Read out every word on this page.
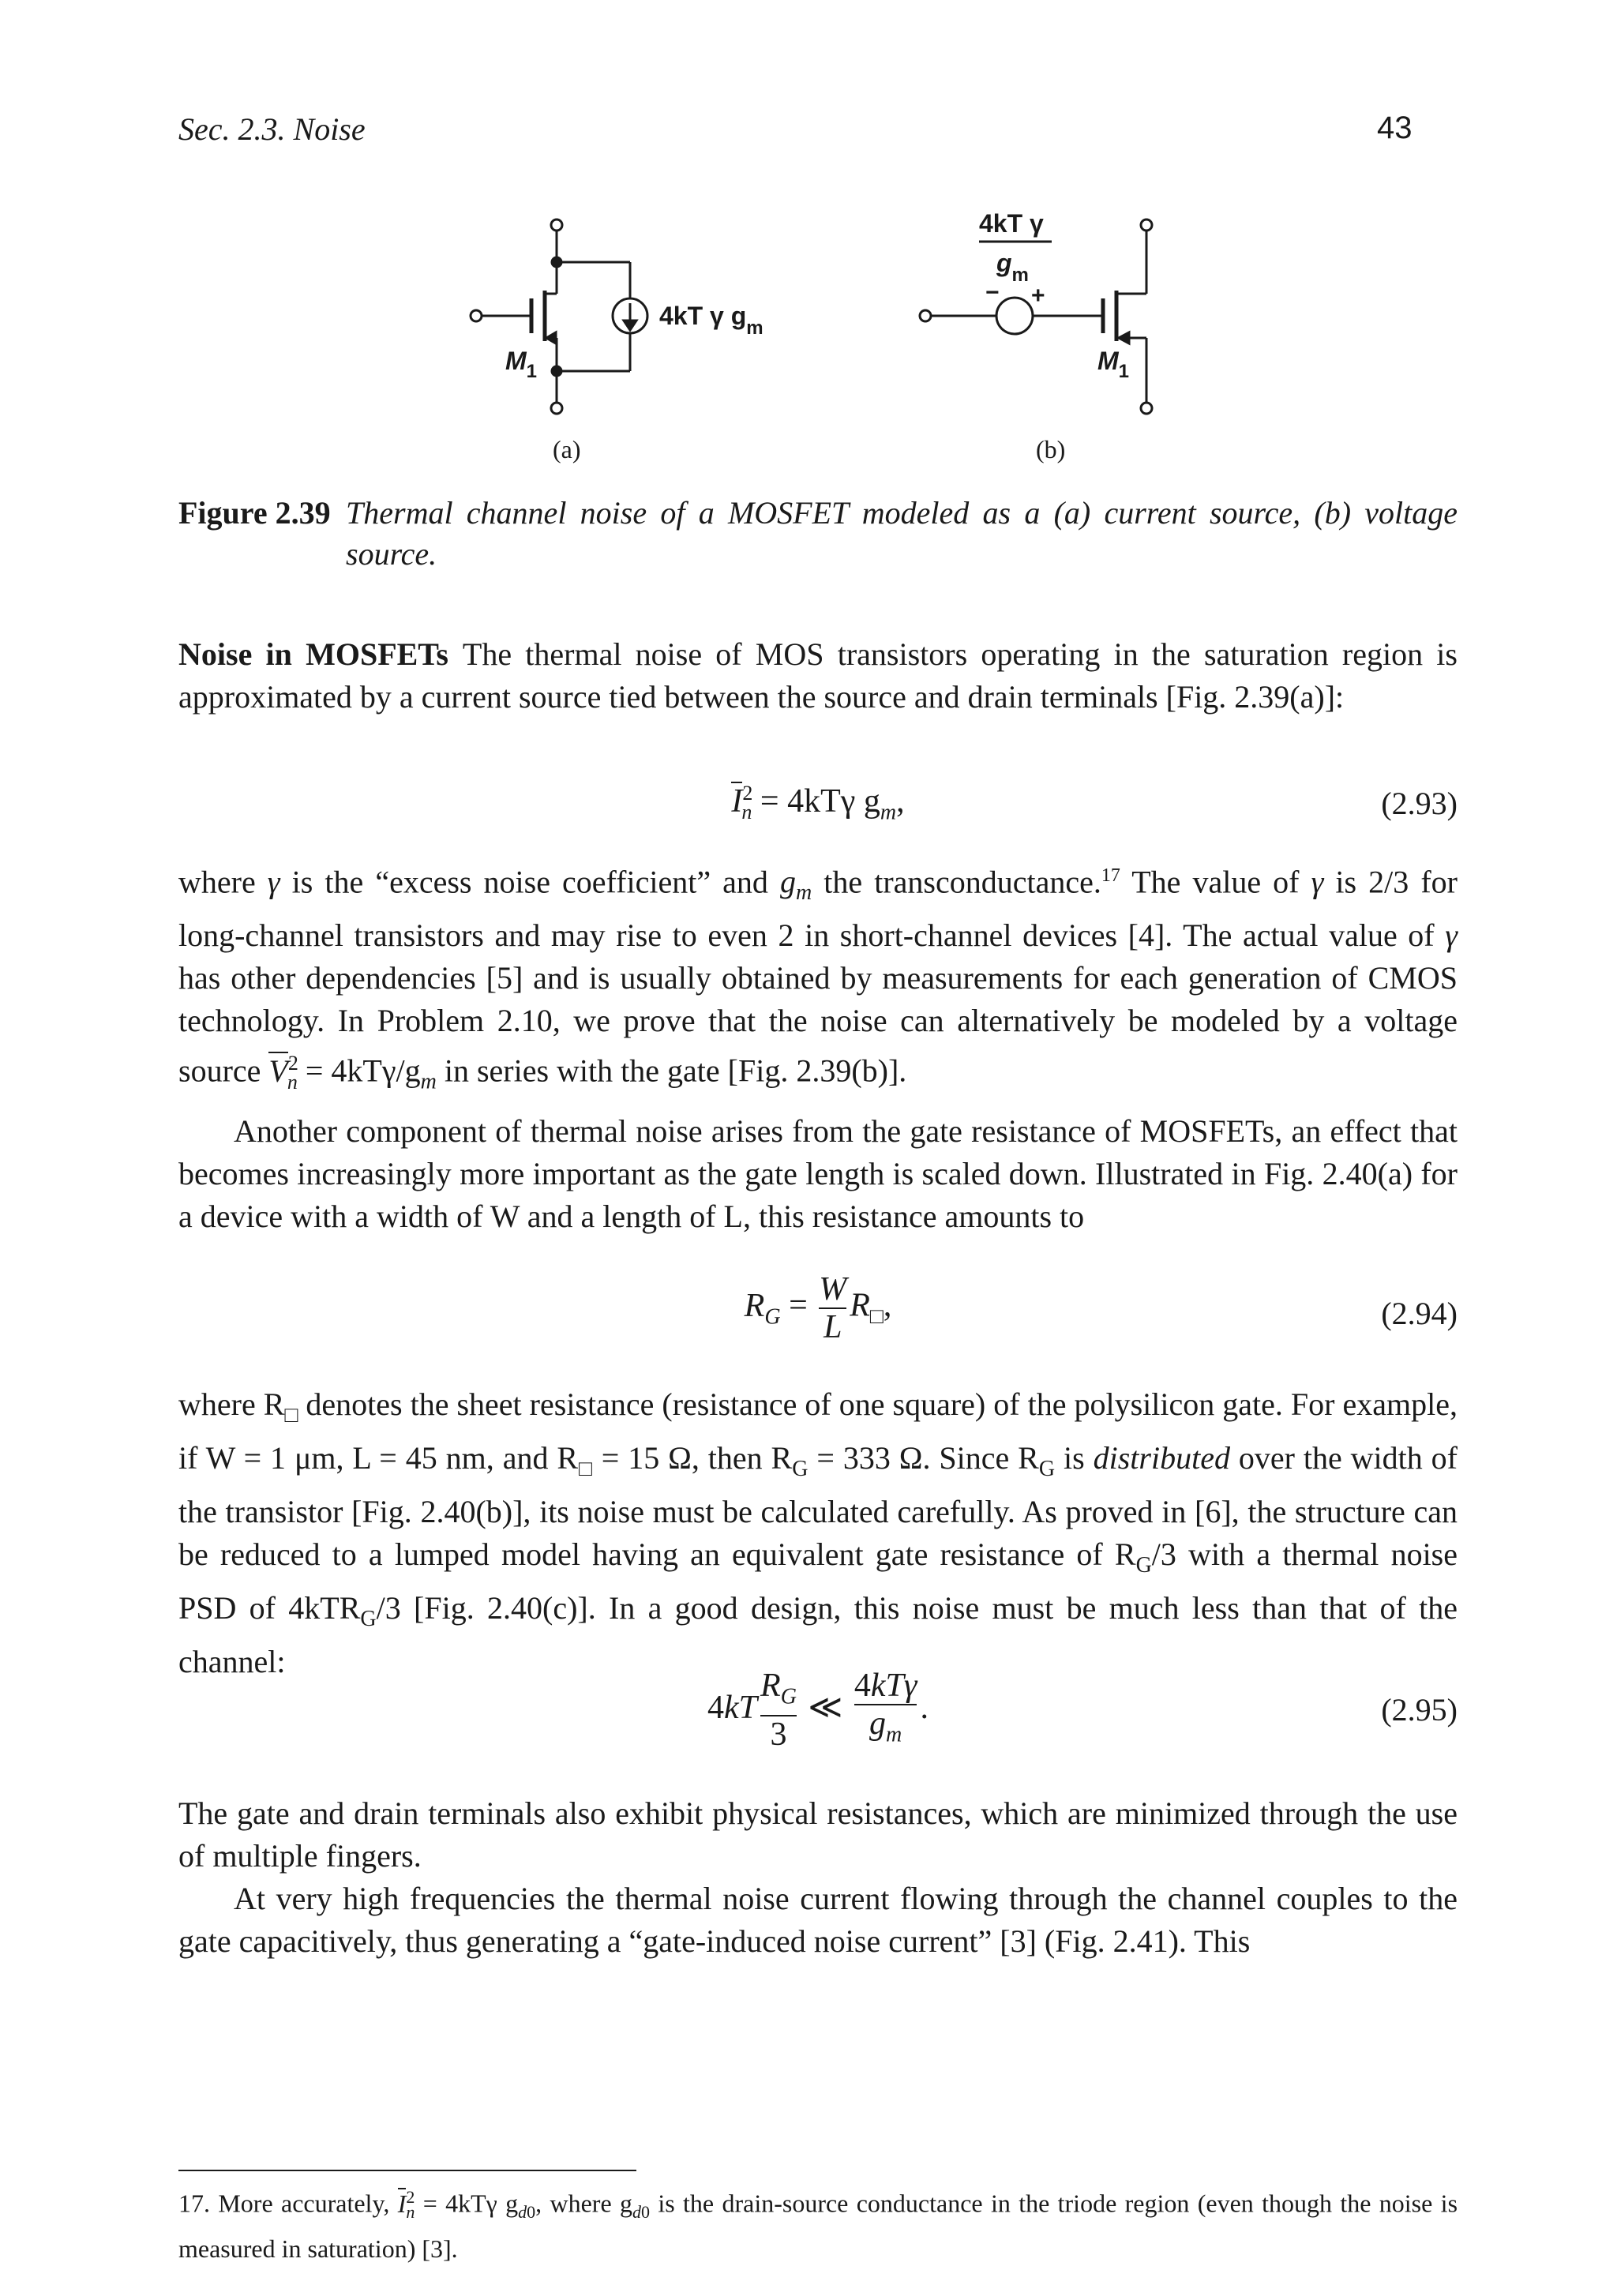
Sec. 2.3. Noise	43
4kT γ $g_m$
$M_1$
− +
4kT γ
$g_m$
$M_1$
(a)	(b)
Figure 2.39 Thermal channel noise of a MOSFET modeled as a (a) current source, (b) voltage source.
Noise in MOSFETs The thermal noise of MOS transistors operating in the saturation region is approximated by a current source tied between the source and drain terminals [Fig. 2.39(a)]:
$I^2_n = 4kT\gamma$ $g_m$,	(2.93)
where γ is the “excess noise coefficient” and $g_m$ the transconductance.$^{17}$ The value of γ is 2/3 for long-channel transistors and may rise to even 2 in short-channel devices [4]. The actual value of γ has other dependencies [5] and is usually obtained by measurements for each generation of CMOS technology. In Problem 2.10, we prove that the noise can alternatively be modeled by a voltage source $V^2_n = 4kT\gamma/g_m$ in series with the gate [Fig. 2.39(b)].
Another component of thermal noise arises from the gate resistance of MOSFETs, an effect that becomes increasingly more important as the gate length is scaled down. Illustrated in Fig. 2.40(a) for a device with a width of W and a length of L, this resistance amounts to
$R_G = \frac{W}{L} R_□$,	(2.94)
where $R_□$ denotes the sheet resistance (resistance of one square) of the polysilicon gate. For example, if W = 1 μm, L = 45 nm, and $R_□ = 15$ Ω, then $R_G = 333$ Ω. Since $R_G$ is distributed over the width of the transistor [Fig. 2.40(b)], its noise must be calculated carefully. As proved in [6], the structure can be reduced to a lumped model having an equivalent gate resistance of $R_G/3$ with a thermal noise PSD of 4kTR$_G$/3 [Fig. 2.40(c)]. In a good design, this noise must be much less than that of the channel:
$4kT \frac{R_G}{3}$ ≪ $\frac{\text{4kTγ}}{g_m}$ .	(2.95)
The gate and drain terminals also exhibit physical resistances, which are minimized through the use of multiple fingers.
At very high frequencies the thermal noise current flowing through the channel couples to the gate capacitively, thus generating a “gate-induced noise current” [3] (Fig. 2.41). This
17. More accurately, $I^2_n = 4kT\gamma$ $g_{d0}$, where $g_{d0}$ is the drain-source conductance in the triode region (even though the noise is measured in saturation) [3].
